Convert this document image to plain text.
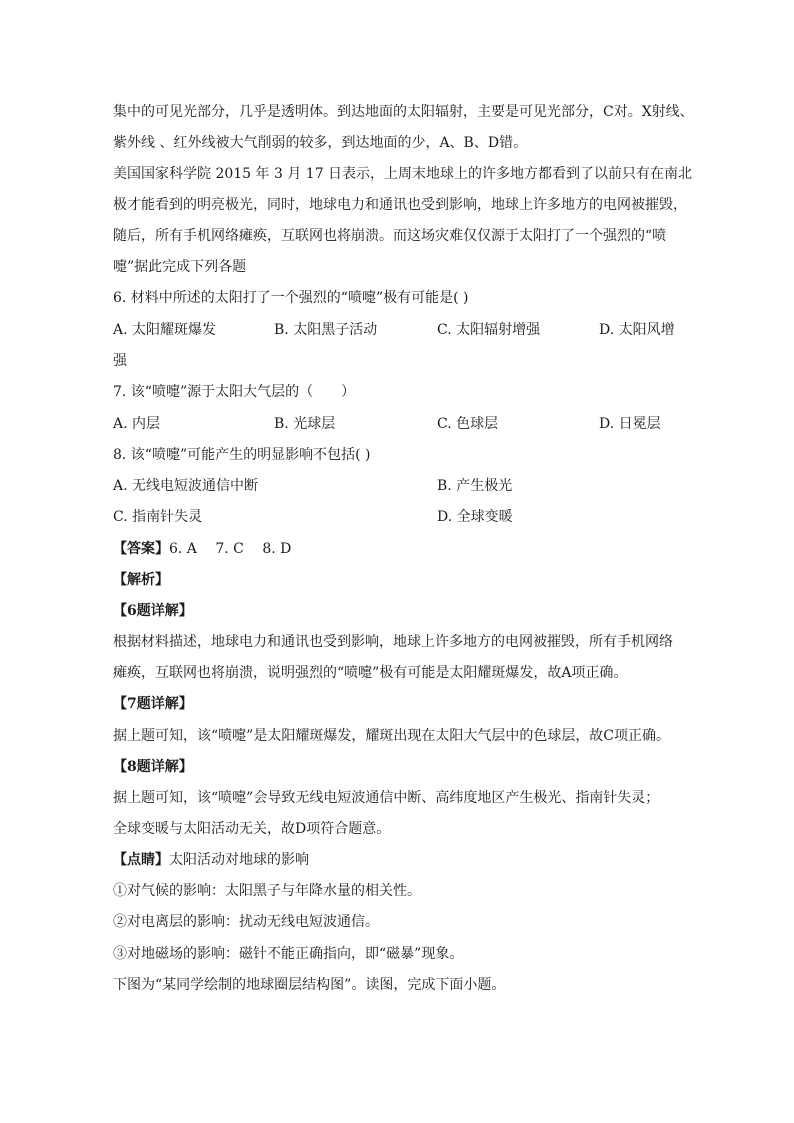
集中的可见光部分，几乎是透明体。到达地面的太阳辐射，主要是可见光部分，C对。X射线、
紫外线 、红外线被大气削弱的较多，到达地面的少，A、B、D错。
美国国家科学院 2015 年 3 月 17 日表示，上周末地球上的许多地方都看到了以前只有在南北
极才能看到的明亮极光，同时，地球电力和通讯也受到影响，地球上许多地方的电网被摧毁，
随后，所有手机网络瘫痪，互联网也将崩溃。而这场灾难仅仅源于太阳打了一个强烈的“喷
嚏”据此完成下列各题
6. 材料中所述的太阳打了一个强烈的“喷嚏”极有可能是( )
A. 太阳耀斑爆发	B. 太阳黑子活动	C. 太阳辐射增强	D. 太阳风增
强
7. 该“喷嚏”源于太阳大气层的（　　）
A. 内层	B. 光球层	C. 色球层	D. 日冕层
8. 该“喷嚏”可能产生的明显影响不包括( )
A. 无线电短波通信中断	B. 产生极光
C. 指南针失灵	D. 全球变暖
【答案】6. A　 7. C　 8. D
【解析】
【6题详解】
根据材料描述，地球电力和通讯也受到影响，地球上许多地方的电网被摧毁，所有手机网络
瘫痪，互联网也将崩溃，说明强烈的“喷嚏”极有可能是太阳耀斑爆发，故A项正确。
【7题详解】
据上题可知，该“喷嚏”是太阳耀斑爆发，耀斑出现在太阳大气层中的色球层，故C项正确。
【8题详解】
据上题可知，该“喷嚏”会导致无线电短波通信中断、高纬度地区产生极光、指南针失灵；
全球变暖与太阳活动无关，故D项符合题意。
【点睛】太阳活动对地球的影响
①对气候的影响：太阳黑子与年降水量的相关性。
②对电离层的影响：扰动无线电短波通信。
③对地磁场的影响：磁针不能正确指向，即“磁暴”现象。
下图为“某同学绘制的地球圈层结构图”。读图，完成下面小题。
